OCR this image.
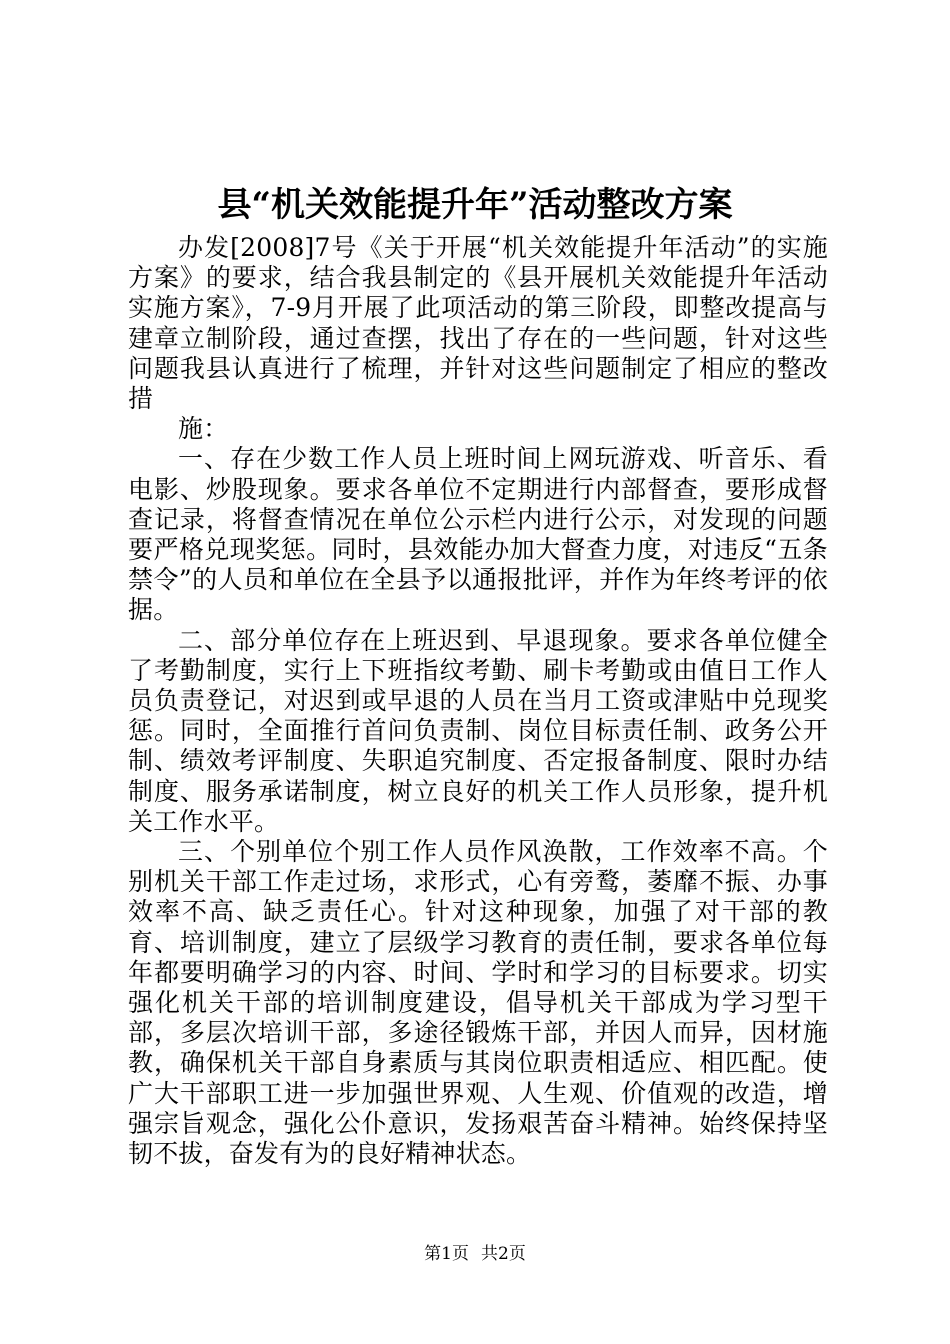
县“机关效能提升年”活动整改方案

办发[2008]7号《关于开展“机关效能提升年活动”的实施方案》的要求，结合我县制定的《县开展机关效能提升年活动实施方案》，7-9月开展了此项活动的第三阶段，即整改提高与建章立制阶段，通过查摆，找出了存在的一些问题，针对这些问题我县认真进行了梳理，并针对这些问题制定了相应的整改措

施：

一、存在少数工作人员上班时间上网玩游戏、听音乐、看电影、炒股现象。要求各单位不定期进行内部督查，要形成督查记录，将督查情况在单位公示栏内进行公示，对发现的问题要严格兑现奖惩。同时，县效能办加大督查力度，对违反“五条禁令”的人员和单位在全县予以通报批评，并作为年终考评的依据。

二、部分单位存在上班迟到、早退现象。要求各单位健全了考勤制度，实行上下班指纹考勤、刷卡考勤或由值日工作人员负责登记，对迟到或早退的人员在当月工资或津贴中兑现奖惩。同时，全面推行首问负责制、岗位目标责任制、政务公开制、绩效考评制度、失职追究制度、否定报备制度、限时办结制度、服务承诺制度，树立良好的机关工作人员形象，提升机关工作水平。

三、个别单位个别工作人员作风涣散，工作效率不高。个别机关干部工作走过场，求形式，心有旁鹜，萎靡不振、办事效率不高、缺乏责任心。针对这种现象，加强了对干部的教育、培训制度，建立了层级学习教育的责任制，要求各单位每年都要明确学习的内容、时间、学时和学习的目标要求。切实强化机关干部的培训制度建设，倡导机关干部成为学习型干部，多层次培训干部，多途径锻炼干部，并因人而异，因材施教，确保机关干部自身素质与其岗位职责相适应、相匹配。使广大干部职工进一步加强世界观、人生观、价值观的改造，增强宗旨观念，强化公仆意识，发扬艰苦奋斗精神。始终保持坚韧不拔，奋发有为的良好精神状态。

第1页 共2页
